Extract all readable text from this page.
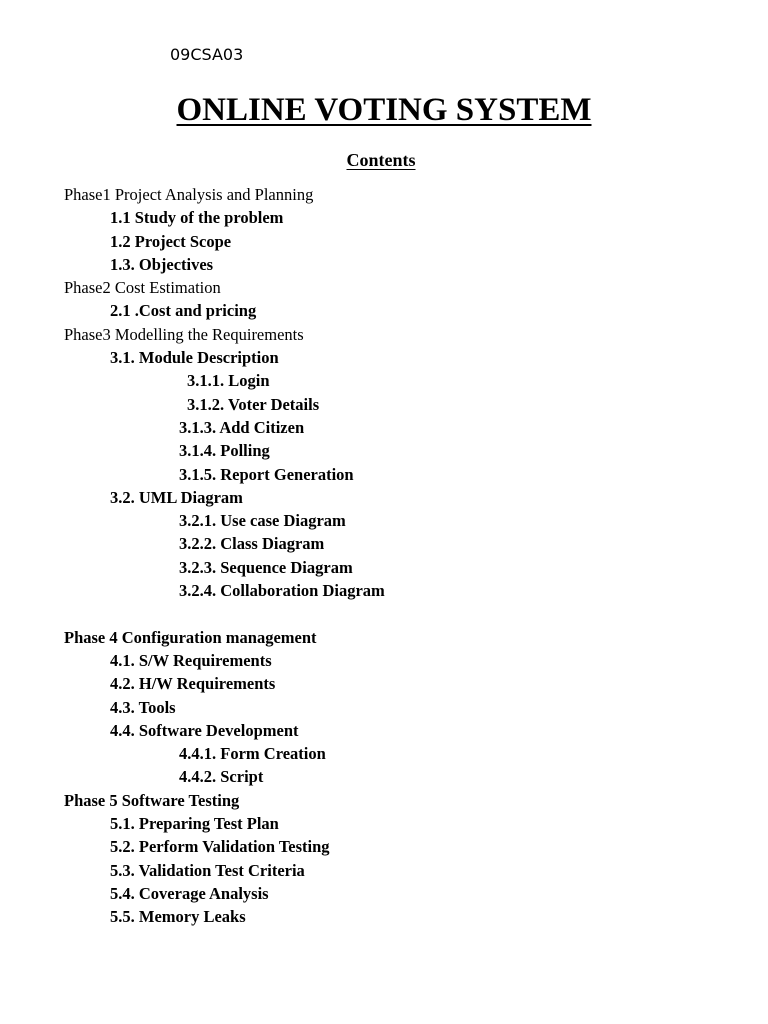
09CSA03
ONLINE VOTING SYSTEM
Contents
Phase1 Project Analysis and Planning
1.1 Study of the problem
1.2 Project Scope
1.3. Objectives
Phase2 Cost Estimation
2.1 .Cost and pricing
Phase3 Modelling the Requirements
3.1. Module Description
3.1.1. Login
3.1.2. Voter Details
3.1.3. Add Citizen
3.1.4. Polling
3.1.5. Report Generation
3.2. UML Diagram
3.2.1. Use case Diagram
3.2.2. Class Diagram
3.2.3. Sequence Diagram
3.2.4. Collaboration Diagram
Phase 4 Configuration management
4.1. S/W Requirements
4.2. H/W Requirements
4.3. Tools
4.4. Software Development
4.4.1. Form Creation
4.4.2. Script
Phase 5 Software Testing
5.1. Preparing Test Plan
5.2. Perform Validation Testing
5.3. Validation Test Criteria
5.4. Coverage Analysis
5.5. Memory Leaks
